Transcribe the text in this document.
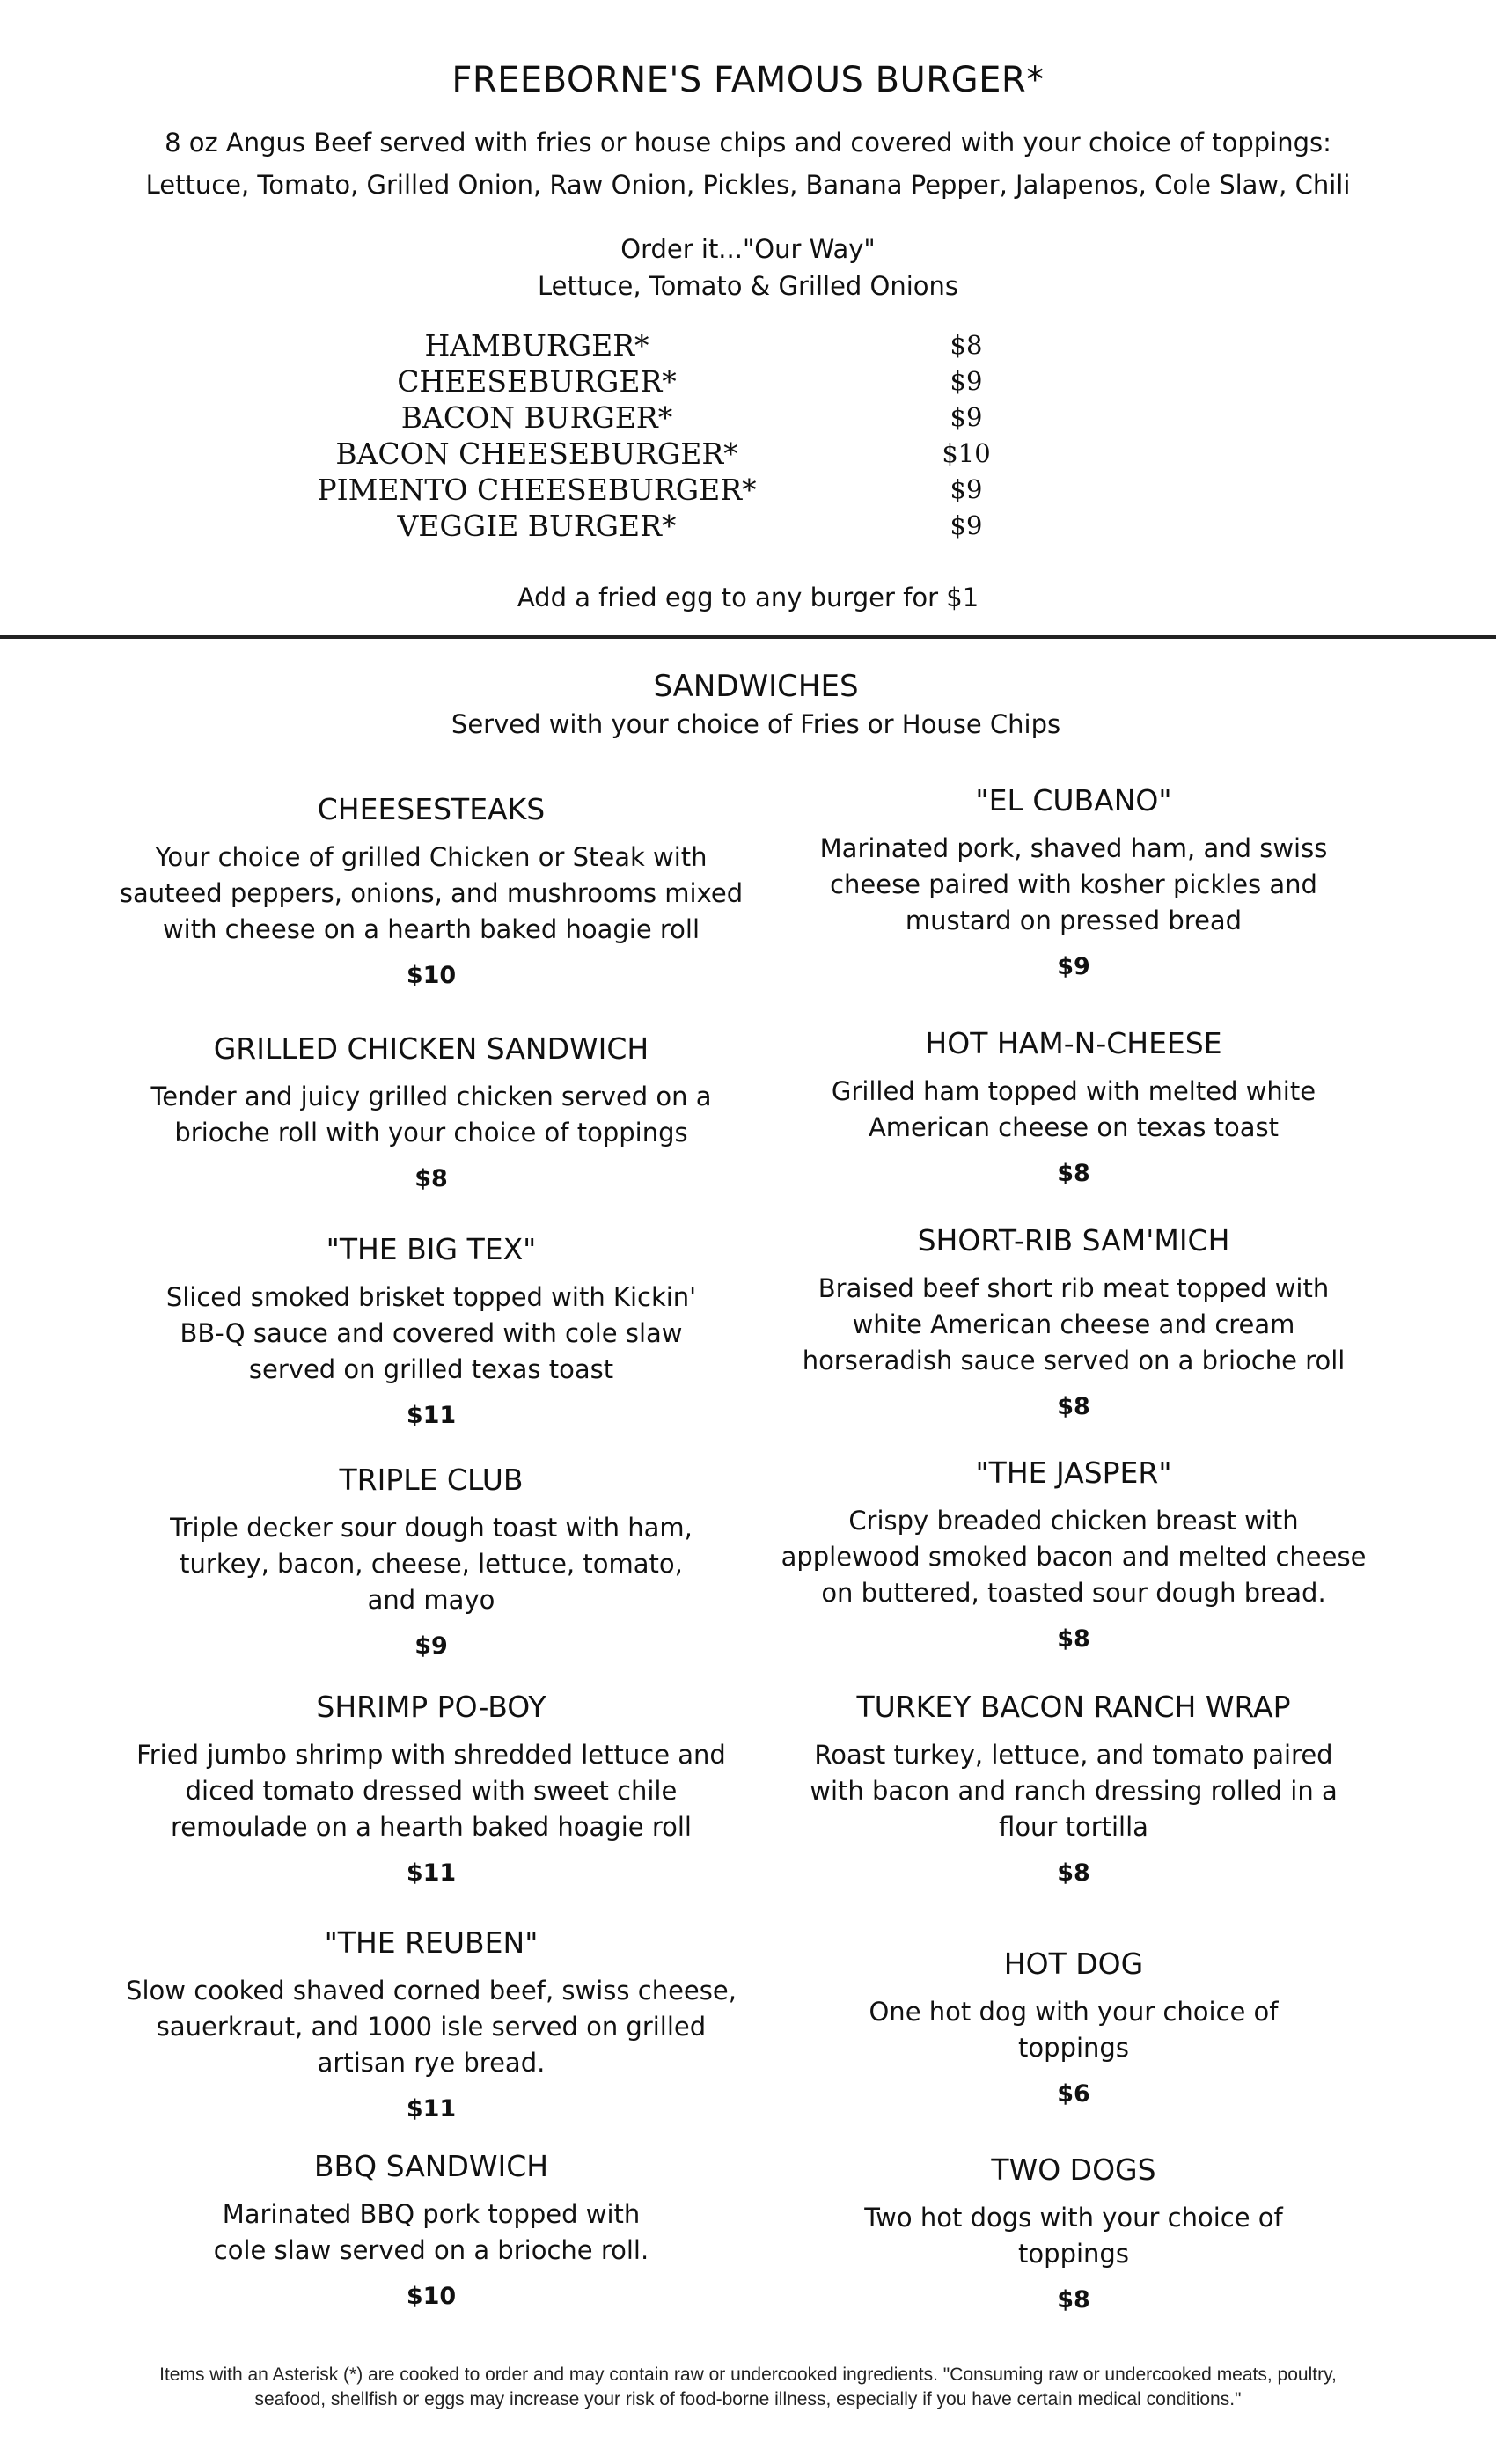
FREEBORNE'S FAMOUS BURGER*
8 oz Angus Beef served with fries or house chips and covered with your choice of toppings:
Lettuce, Tomato, Grilled Onion, Raw Onion, Pickles, Banana Pepper, Jalapenos, Cole Slaw, Chili
Order it..."Our Way"
Lettuce, Tomato & Grilled Onions
HAMBURGER*	$8
CHEESEBURGER*	$9
BACON BURGER*	$9
BACON CHEESEBURGER*	$10
PIMENTO CHEESEBURGER*	$9
VEGGIE BURGER*	$9
Add a fried egg to any burger for $1
SANDWICHES
Served with your choice of Fries or House Chips
CHEESESTEAKS
Your choice of grilled Chicken or Steak with
sauteed peppers, onions, and mushrooms mixed
with cheese on a hearth baked hoagie roll
$10
GRILLED CHICKEN SANDWICH
Tender and juicy grilled chicken served on a
brioche roll with your choice of toppings
$8
"THE BIG TEX"
Sliced smoked brisket topped with Kickin'
BB-Q sauce and covered with cole slaw
served on grilled texas toast
$11
TRIPLE CLUB
Triple decker sour dough toast with ham,
turkey, bacon, cheese, lettuce, tomato,
and mayo
$9
SHRIMP PO-BOY
Fried jumbo shrimp with shredded lettuce and
diced tomato dressed with sweet chile
remoulade on a hearth baked hoagie roll
$11
"THE REUBEN"
Slow cooked shaved corned beef, swiss cheese,
sauerkraut, and 1000 isle served on grilled
artisan rye bread.
$11
BBQ SANDWICH
Marinated BBQ pork topped with
cole slaw served on a brioche roll.
$10
"EL CUBANO"
Marinated pork, shaved ham, and swiss
cheese paired with kosher pickles and
mustard on pressed bread
$9
HOT HAM-N-CHEESE
Grilled ham topped with melted white
American cheese on texas toast
$8
SHORT-RIB SAM'MICH
Braised beef short rib meat topped with
white American cheese and cream
horseradish sauce served on a brioche roll
$8
"THE JASPER"
Crispy breaded chicken breast with
applewood smoked bacon and melted cheese
on buttered, toasted sour dough bread.
$8
TURKEY BACON RANCH WRAP
Roast turkey, lettuce, and tomato paired
with bacon and ranch dressing rolled in a
flour tortilla
$8
HOT DOG
One hot dog with your choice of
toppings
$6
TWO DOGS
Two hot dogs with your choice of
toppings
$8
Items with an Asterisk (*) are cooked to order and may contain raw or undercooked ingredients. "Consuming raw or undercooked meats, poultry,
seafood, shellfish or eggs may increase your risk of food-borne illness, especially if you have certain medical conditions."
